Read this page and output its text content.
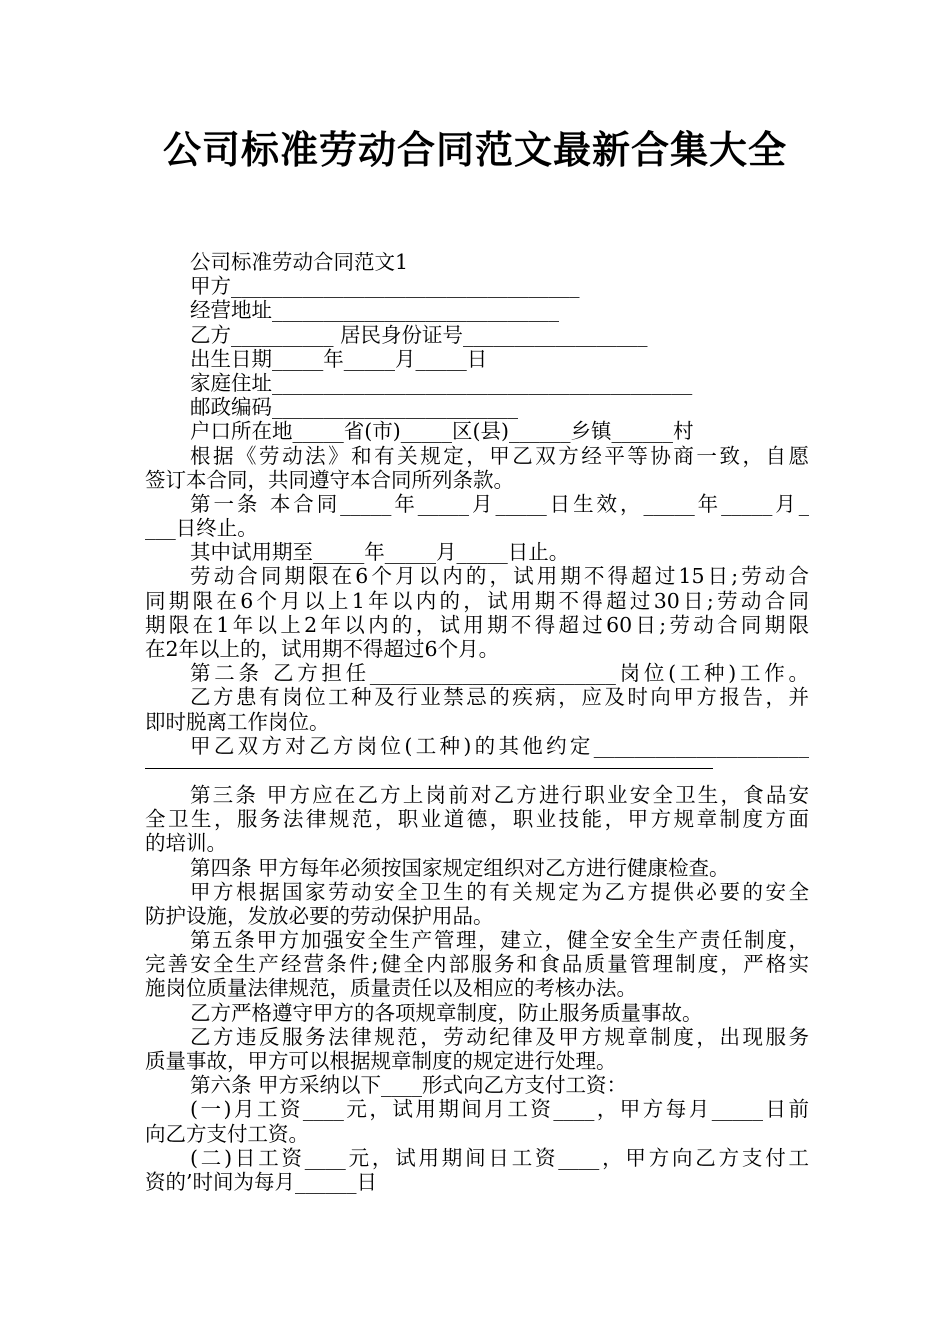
公司标准劳动合同范文最新合集大全
公司标准劳动合同范文1
甲方__________________________________
经营地址____________________________
乙方__________ 居民身份证号__________________
出生日期_____年_____月_____日
家庭住址_________________________________________
邮政编码________________________
户口所在地_____省(市)_____区(县)______乡镇______村
根据《劳动法》和有关规定，甲乙双方经平等协商一致，自愿
签订本合同，共同遵守本合同所列条款。
第一条 本合同_____年_____月_____日生效，_____年_____月_
___日终止。
其中试用期至_____年_____月_____日止。
劳动合同期限在6个月以内的，试用期不得超过15日;劳动合
同期限在6个月以上1年以内的，试用期不得超过30日;劳动合同
期限在1年以上2年以内的，试用期不得超过60日;劳动合同期限
在2年以上的，试用期不得超过6个月。
第二条 乙方担任________________________岗位(工种)工作。
乙方患有岗位工种及行业禁忌的疾病，应及时向甲方报告，并
即时脱离工作岗位。
甲乙双方对乙方岗位(工种)的其他约定_____________________
第三条 甲方应在乙方上岗前对乙方进行职业安全卫生，食品安
全卫生，服务法律规范，职业道德，职业技能，甲方规章制度方面
的培训。
第四条 甲方每年必须按国家规定组织对乙方进行健康检查。
甲方根据国家劳动安全卫生的有关规定为乙方提供必要的安全
防护设施，发放必要的劳动保护用品。
第五条甲方加强安全生产管理，建立，健全安全生产责任制度，
完善安全生产经营条件;健全内部服务和食品质量管理制度，严格实
施岗位质量法律规范，质量责任以及相应的考核办法。
乙方严格遵守甲方的各项规章制度，防止服务质量事故。
乙方违反服务法律规范，劳动纪律及甲方规章制度，出现服务
质量事故，甲方可以根据规章制度的规定进行处理。
第六条 甲方采纳以下____形式向乙方支付工资：
(一)月工资____元，试用期间月工资____，甲方每月_____日前
向乙方支付工资。
(二)日工资____元，试用期间日工资____，甲方向乙方支付工
资的’时间为每月______日
